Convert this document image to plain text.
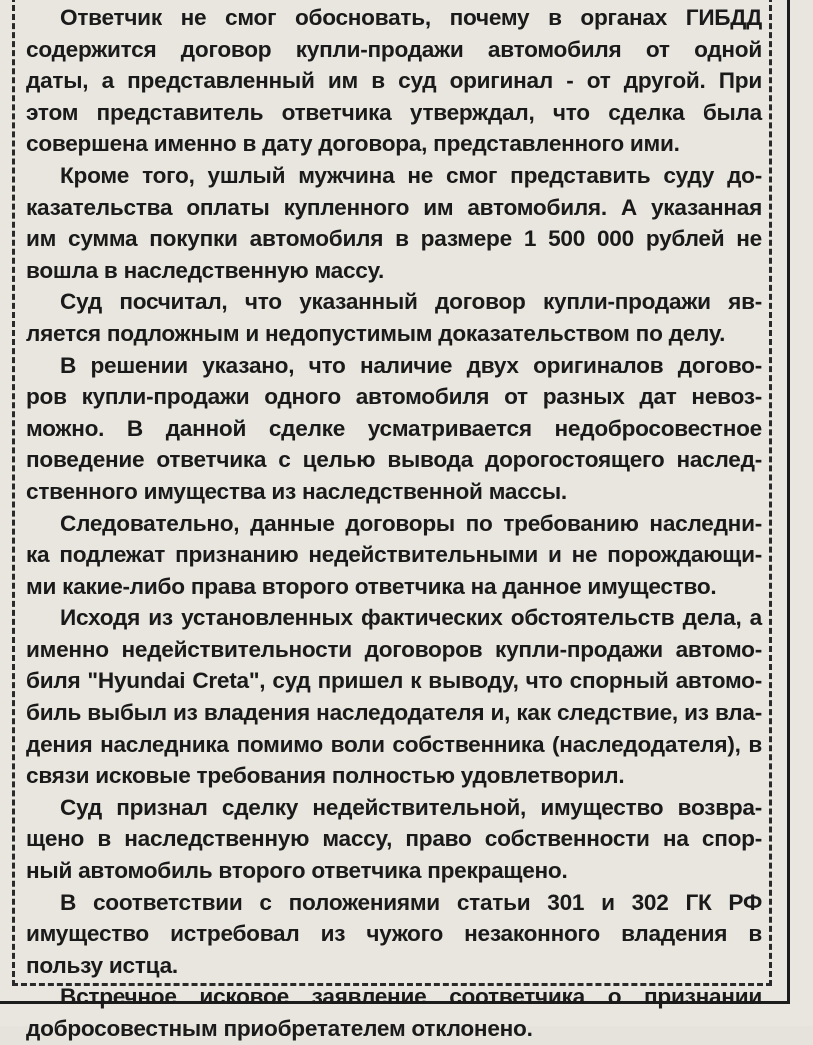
Ответчик не смог обосновать, почему в органах ГИБДД
содержится договор купли-продажи автомобиля от одной
даты, а представленный им в суд оригинал - от другой. При
этом представитель ответчика утверждал, что сделка была
совершена именно в дату договора, представленного ими.
Кроме того, ушлый мужчина не смог представить суду до-
казательства оплаты купленного им автомобиля. А указанная
им сумма покупки автомобиля в размере 1 500 000 рублей не
вошла в наследственную массу.
Суд посчитал, что указанный договор купли-продажи яв-
ляется подложным и недопустимым доказательством по делу.
В решении указано, что наличие двух оригиналов догово-
ров купли-продажи одного автомобиля от разных дат невоз-
можно. В данной сделке усматривается недобросовестное
поведение ответчика с целью вывода дорогостоящего наслед-
ственного имущества из наследственной массы.
Следовательно, данные договоры по требованию наследни-
ка подлежат признанию недействительными и не порождающи-
ми какие-либо права второго ответчика на данное имущество.
Исходя из установленных фактических обстоятельств дела, а
именно недействительности договоров купли-продажи автомо-
биля "Hyundai Creta", суд пришел к выводу, что спорный автомо-
биль выбыл из владения наследодателя и, как следствие, из вла-
дения наследника помимо воли собственника (наследодателя), в
связи исковые требования полностью удовлетворил.
Суд признал сделку недействительной, имущество возвра-
щено в наследственную массу, право собственности на спор-
ный автомобиль второго ответчика прекращено.
В соответствии с положениями статьи 301 и 302 ГК РФ
имущество истребовал из чужого незаконного владения в
пользу истца.
Встречное исковое заявление соответчика о признании
добросовестным приобретателем отклонено.
